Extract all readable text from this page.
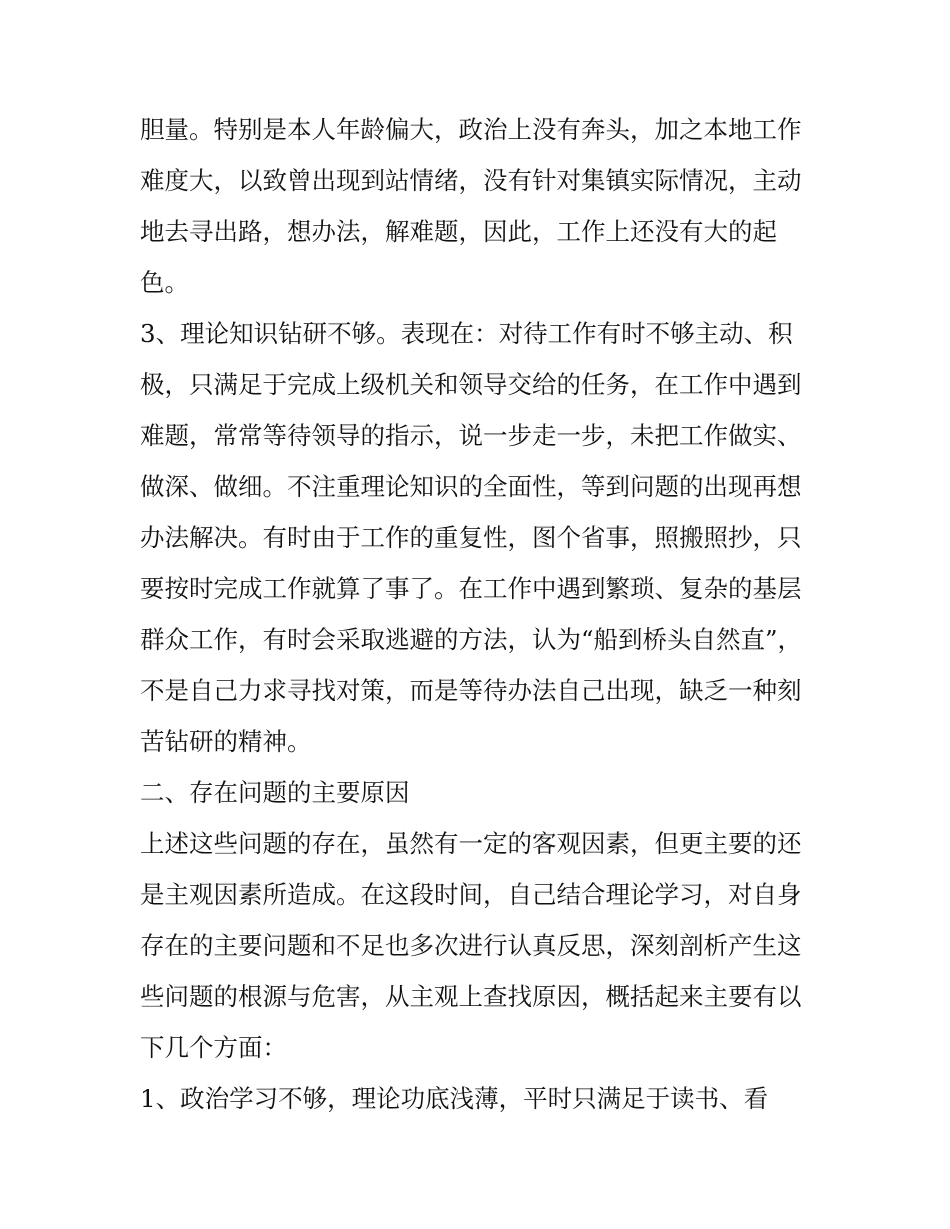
胆量。特别是本人年龄偏大，政治上没有奔头，加之本地工作
难度大，以致曾出现到站情绪，没有针对集镇实际情况，主动
地去寻出路，想办法，解难题，因此，工作上还没有大的起
色。
3、理论知识钻研不够。表现在：对待工作有时不够主动、积
极，只满足于完成上级机关和领导交给的任务，在工作中遇到
难题，常常等待领导的指示，说一步走一步，未把工作做实、
做深、做细。不注重理论知识的全面性，等到问题的出现再想
办法解决。有时由于工作的重复性，图个省事，照搬照抄，只
要按时完成工作就算了事了。在工作中遇到繁琐、复杂的基层
群众工作，有时会采取逃避的方法，认为“船到桥头自然直”，
不是自己力求寻找对策，而是等待办法自己出现，缺乏一种刻
苦钻研的精神。
二、存在问题的主要原因
上述这些问题的存在，虽然有一定的客观因素，但更主要的还
是主观因素所造成。在这段时间，自己结合理论学习，对自身
存在的主要问题和不足也多次进行认真反思，深刻剖析产生这
些问题的根源与危害，从主观上查找原因，概括起来主要有以
下几个方面：
1、政治学习不够，理论功底浅薄，平时只满足于读书、看
